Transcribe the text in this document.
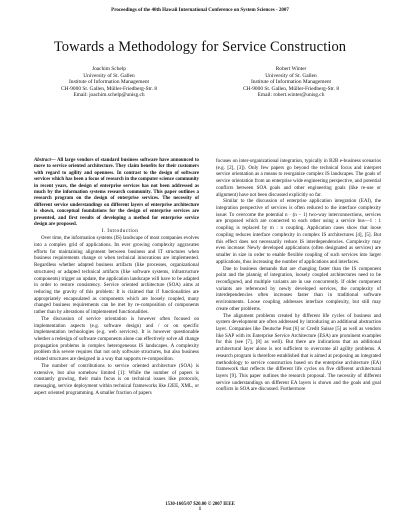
Proceedings of the 40th Hawaii International Conference on System Sciences - 2007
Towards a Methodology for Service Construction
Joachim Schelp
University of St. Gallen
Institute of Information Management
CH-9000 St. Gallen, Müller-Friedberg-Str. 8
Email: joachim.schelp@unisg.ch
Robert Winter
University of St. Gallen
Institute of Information Management
CH-9000 St. Gallen, Müller-Friedberg-Str. 8
Email: robert.winter@unisg.ch

Abstract— All large vendors of standard business software have announced to move to service oriented architecture. They claim benefits for their customers with regard to agility and openness. In contrast to the design of software services which has been a focus of research in the computer science community in recent years, the design of enterprise services has not been addressed as much by the information systems research community. This paper outlines a research program on the design of enterprise services. The necessity of different service understandings on different layers of enterprise architecture is shown, conceptual foundations for the design of enterprise services are presented, and first results of developing a method for enterprise service design are proposed.

I. Introduction

Over time, the information systems (IS) landscape of most companies evolves into a complex grid of applications. Its ever growing complexity aggravates efforts for maintaining alignment between business and IT structures when business requirements change or when technical innovations are implemented. Regardless whether adapted business artifacts (like processes, organizational structures) or adapted technical artifacts (like software systems, infrastructure components) trigger an update, the application landscape will have to be adapted in order to restore consistency. Service oriented architecture (SOA) aims at reducing the gravity of this problem: It is claimed that if functionalities are appropriately encapsulated as components which are loosely coupled, many changed business requirements can be met by re-composition of components rather than by alterations of implemented functionalities.

The discussion of service orientation is however often focused on implementation aspects (e.g. software design) and / or on specific implementation technologies (e.g. web services). It is however questionable whether a redesign of software components alone can effectively solve all change propagation problems in complex heterogeneous IS landscapes. A complexity problem this severe requires that not only software structures, but also business related structures are designed in a way that supports re-composition.

The number of contributions to service oriented architecture (SOA) is extensive, but also somehow limited [1]: While the number of papers is constantly growing, their main focus is on technical issues like protocols, messaging, service deployment within technical frameworks like J2EE, XML, or aspect oriented programming. A smaller fraction of papers

focuses on inter-organizational integration, typically in B2B e-business scenarios (e.g. [2], [3]). Only few papers go beyond the technical focus and interpret service orientation as a means to reorganize complex IS landscapes. The goals of service orientation from an enterprise wide engineering perspective, and potential conflicts between SOA goals and other engineering goals (like re-use or alignment) have not been discussed explicitly so far.

Similar to the discussion of enterprise application integration (EAI), the integration perspective of services is often reduced to the interface complexity issue: To overcome the potential n · (n − 1) two-way interconnections, services are proposed which are connected to each other using a service bus—1 : 1 coupling is replaced by m : n coupling. Application cases show that loose coupling reduces interface complexity in complex IS architectures [4], [5]. But this effect does not necessarily reduce IS interdependencies. Complexity may even increase: Newly developed applications (often designated as services) are smaller in size in order to enable flexible coupling of such services into larger applications, thus increasing the number of applications and interfaces.

Due to business demands that are changing faster than the IS component point and the plannig of integration, loosely coupled architectures need to be reconfigured, and multiple variants are in use concurrently. If older component variants are referenced by newly developed services, the complexity of interdependencies often increases faster than in traditional software environments. Loose coupling addresses interface complexity, but still may create other problems.

The alignment problems created by different life cycles of business and system development are often addressed by introducing an additional abstraction layer. Companies like Deutsche Post [6] or Credit Suisse [5] as well as vendors like SAP with its Enterprise Service Architecture (ESA) are prominent examples for this (see [7], [8] as well). But there are indications that an additional architectural layer alone is not sufficient to overcome all agility problems. A research program is therefore established that is aimed at proposing an integrated methodology to service construction based on the enterprise architecture (EA) framework that reflects the different life cycles on five different architectural layers [9]. This paper outlines the research proposal. The necessity of different service understandings on different EA layers is shown and the goals and goal conflicts in SOA are discussed. Furthermore

1530-1605/07 $20.00 © 2007 IEEE
1
